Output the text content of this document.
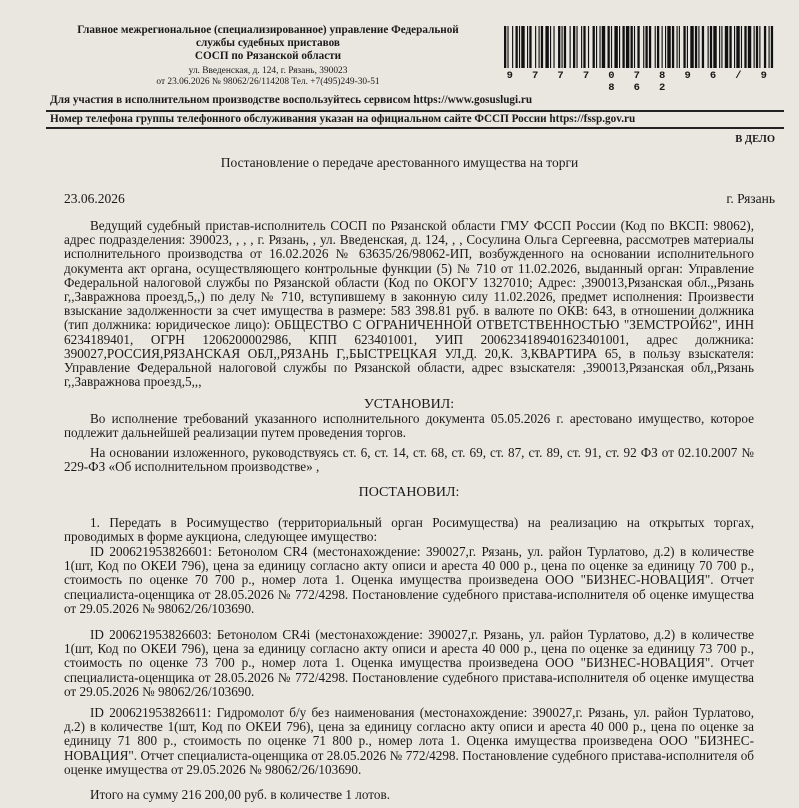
Главное межрегиональное (специализированное) управление Федеральной
службы судебных приставов
СОСП по Рязанской области
ул. Введенская, д. 124, г. Рязань, 390023
от 23.06.2026 № 98062/26/114208 Тел. +7(495)249-30-51	9 7 7 7 0 7 8 9 6 / 9 8 6 2
Для участия в исполнительном производстве воспользуйтесь сервисом https://www.gosuslugi.ru
Номер телефона группы телефонного обслуживания указан на официальном сайте ФССП России https://fssp.gov.ru
В ДЕЛО
Постановление о передаче арестованного имущества на торги
23.06.2026	г. Рязань

Ведущий судебный пристав-исполнитель СОСП по Рязанской области ГМУ ФССП России (Код по ВКСП: 98062), адрес подразделения: 390023, , , , г. Рязань, , ул. Введенская, д. 124, , , Сосулина Ольга Сергеевна, рассмотрев материалы исполнительного производства от 16.02.2026 № 63635/26/98062-ИП, возбужденного на основании исполнительного документа акт органа, осуществляющего контрольные функции (5) № 710 от 11.02.2026, выданный орган: Управление Федеральной налоговой службы по Рязанской области (Код по ОКОГУ 1327010; Адрес: ,390013,Рязанская обл.,,Рязань г,,Завражнова проезд,5,,) по делу № 710, вступившему в законную силу 11.02.2026, предмет исполнения: Произвести взыскание задолженности за счет имущества в размере: 583 398.81 руб. в валюте по ОКВ: 643, в отношении должника (тип должника: юридическое лицо): ОБЩЕСТВО С ОГРАНИЧЕННОЙ ОТВЕТСТВЕННОСТЬЮ "ЗЕМСТРОЙ62", ИНН 6234189401, ОГРН 1206200002986, КПП 623401001, УИП 2006234189401623401001, адрес должника: 390027,РОССИЯ,РЯЗАНСКАЯ ОБЛ,,РЯЗАНЬ Г,,БЫСТРЕЦКАЯ УЛ,Д. 20,К. 3,КВАРТИРА 65, в пользу взыскателя: Управление Федеральной налоговой службы по Рязанской области, адрес взыскателя: ,390013,Рязанская обл,,Рязань г,,Завражнова проезд,5,,,

УСТАНОВИЛ:

Во исполнение требований указанного исполнительного документа 05.05.2026 г. арестовано имущество, которое подлежит дальнейшей реализации путем проведения торгов.

На основании изложенного, руководствуясь ст. 6, ст. 14, ст. 68, ст. 69, ст. 87, ст. 89, ст. 91, ст. 92 ФЗ от 02.10.2007 № 229-ФЗ «Об исполнительном производстве» ,

ПОСТАНОВИЛ:

1. Передать в Росимущество (территориальный орган Росимущества) на реализацию на открытых торгах, проводимых в форме аукциона, следующее имущество:

ID 200621953826601: Бетонолом CR4 (местонахождение: 390027,г. Рязань, ул. район Турлатово, д.2) в количестве 1(шт, Код по ОКЕИ 796), цена за единицу согласно акту описи и ареста 40 000 р., цена по оценке за единицу 70 700 р., стоимость по оценке 70 700 р., номер лота 1. Оценка имущества произведена ООО "БИЗНЕС-НОВАЦИЯ". Отчет специалиста-оценщика от 28.05.2026 № 772/4298. Постановление судебного пристава-исполнителя об оценке имущества от 29.05.2026 № 98062/26/103690.

ID 200621953826603: Бетонолом CR4i (местонахождение: 390027,г. Рязань, ул. район Турлатово, д.2) в количестве 1(шт, Код по ОКЕИ 796), цена за единицу согласно акту описи и ареста 40 000 р., цена по оценке за единицу 73 700 р., стоимость по оценке 73 700 р., номер лота 1. Оценка имущества произведена ООО "БИЗНЕС-НОВАЦИЯ". Отчет специалиста-оценщика от 28.05.2026 № 772/4298. Постановление судебного пристава-исполнителя об оценке имущества от 29.05.2026 № 98062/26/103690.

ID 200621953826611: Гидромолот б/у без наименования (местонахождение: 390027,г. Рязань, ул. район Турлатово, д.2) в количестве 1(шт, Код по ОКЕИ 796), цена за единицу согласно акту описи и ареста 40 000 р., цена по оценке за единицу 71 800 р., стоимость по оценке 71 800 р., номер лота 1. Оценка имущества произведена ООО "БИЗНЕС-НОВАЦИЯ". Отчет специалиста-оценщика от 28.05.2026 № 772/4298. Постановление судебного пристава-исполнителя об оценке имущества от 29.05.2026 № 98062/26/103690.

Итого на сумму 216 200,00 руб. в количестве 1 лотов.
